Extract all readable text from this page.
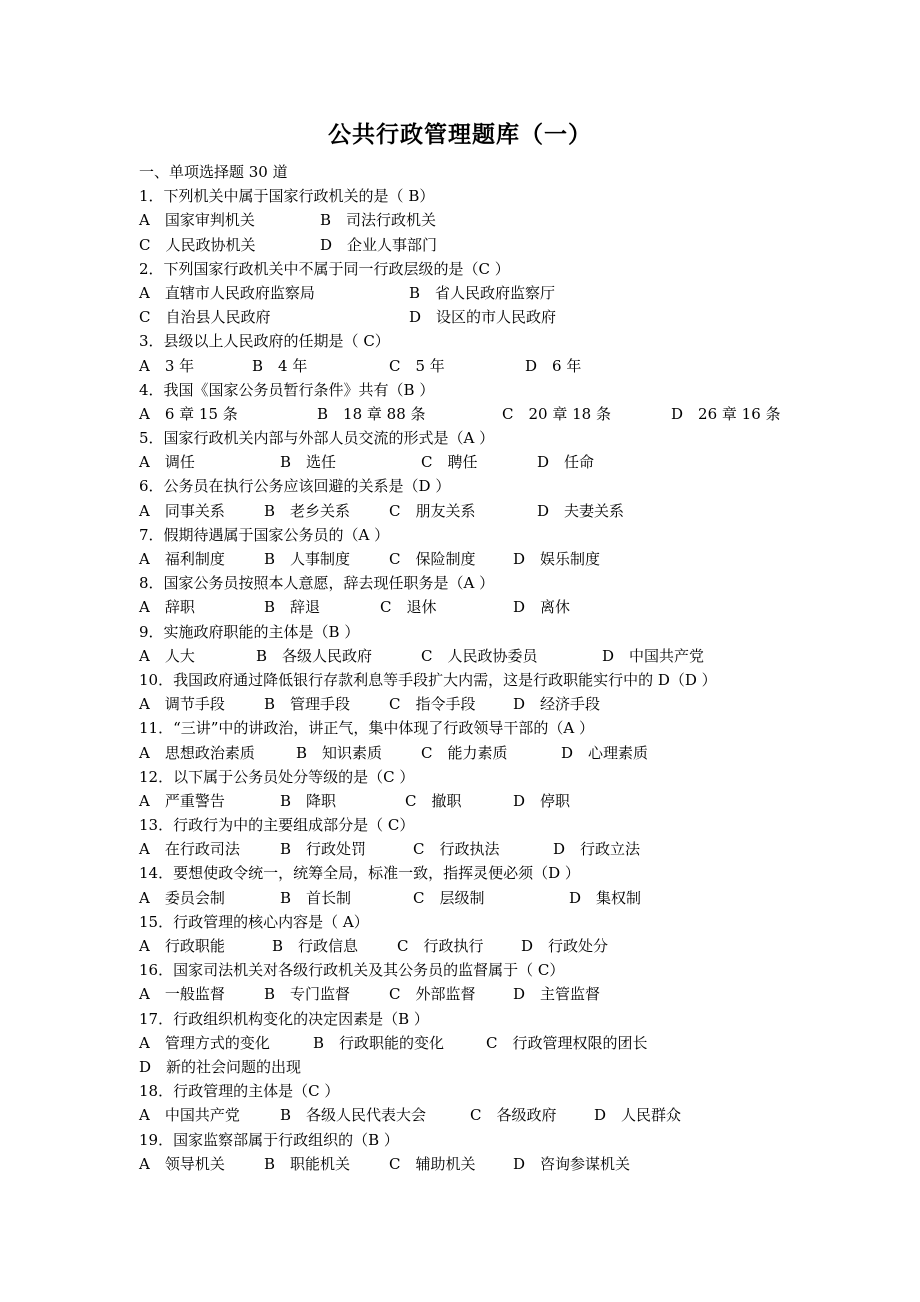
公共行政管理题库（一）
一、单项选择题 30 道
1．下列机关中属于国家行政机关的是（ B）
A　国家审判机关	B　司法行政机关
C　人民政协机关	D　企业人事部门
2．下列国家行政机关中不属于同一行政层级的是（C ）
A　直辖市人民政府监察局	B　省人民政府监察厅
C　自治县人民政府	D　设区的市人民政府
3．县级以上人民政府的任期是（ C）
A　3 年	B　4 年	C　5 年	D　6 年
4．我国《国家公务员暂行条件》共有（B ）
A　6 章 15 条	B　18 章 88 条	C　20 章 18 条	D　26 章 16 条
5．国家行政机关内部与外部人员交流的形式是（A ）
A　调任	B　选任	C　聘任	D　任命
6．公务员在执行公务应该回避的关系是（D ）
A　同事关系	B　老乡关系	C　朋友关系	D　夫妻关系
7．假期待遇属于国家公务员的（A ）
A　福利制度	B　人事制度	C　保险制度	D　娱乐制度
8．国家公务员按照本人意愿，辞去现任职务是（A ）
A　辞职	B　辞退	C　退休	D　离休
9．实施政府职能的主体是（B ）
A　人大	B　各级人民政府	C　人民政协委员	D　中国共产党
10．我国政府通过降低银行存款利息等手段扩大内需，这是行政职能实行中的 D（D ）
A　调节手段	B　管理手段	C　指令手段	D　经济手段
11．“三讲”中的讲政治，讲正气，集中体现了行政领导干部的（A ）
A　思想政治素质	B　知识素质	C　能力素质	D　心理素质
12．以下属于公务员处分等级的是（C ）
A　严重警告	B　降职	C　撤职	D　停职
13．行政行为中的主要组成部分是（ C）
A　在行政司法	B　行政处罚	C　行政执法	D　行政立法
14．要想使政令统一，统筹全局，标准一致，指挥灵便必须（D ）
A　委员会制	B　首长制	C　层级制	D　集权制
15．行政管理的核心内容是（ A）
A　行政职能	B　行政信息	C　行政执行	D　行政处分
16．国家司法机关对各级行政机关及其公务员的监督属于（ C）
A　一般监督	B　专门监督	C　外部监督	D　主管监督
17．行政组织机构变化的决定因素是（B ）
A　管理方式的变化	B　行政职能的变化	C　行政管理权限的团长
D　新的社会问题的出现
18．行政管理的主体是（C ）
A　中国共产党	B　各级人民代表大会	C　各级政府	D　人民群众
19．国家监察部属于行政组织的（B ）
A　领导机关	B　职能机关	C　辅助机关	D　咨询参谋机关
